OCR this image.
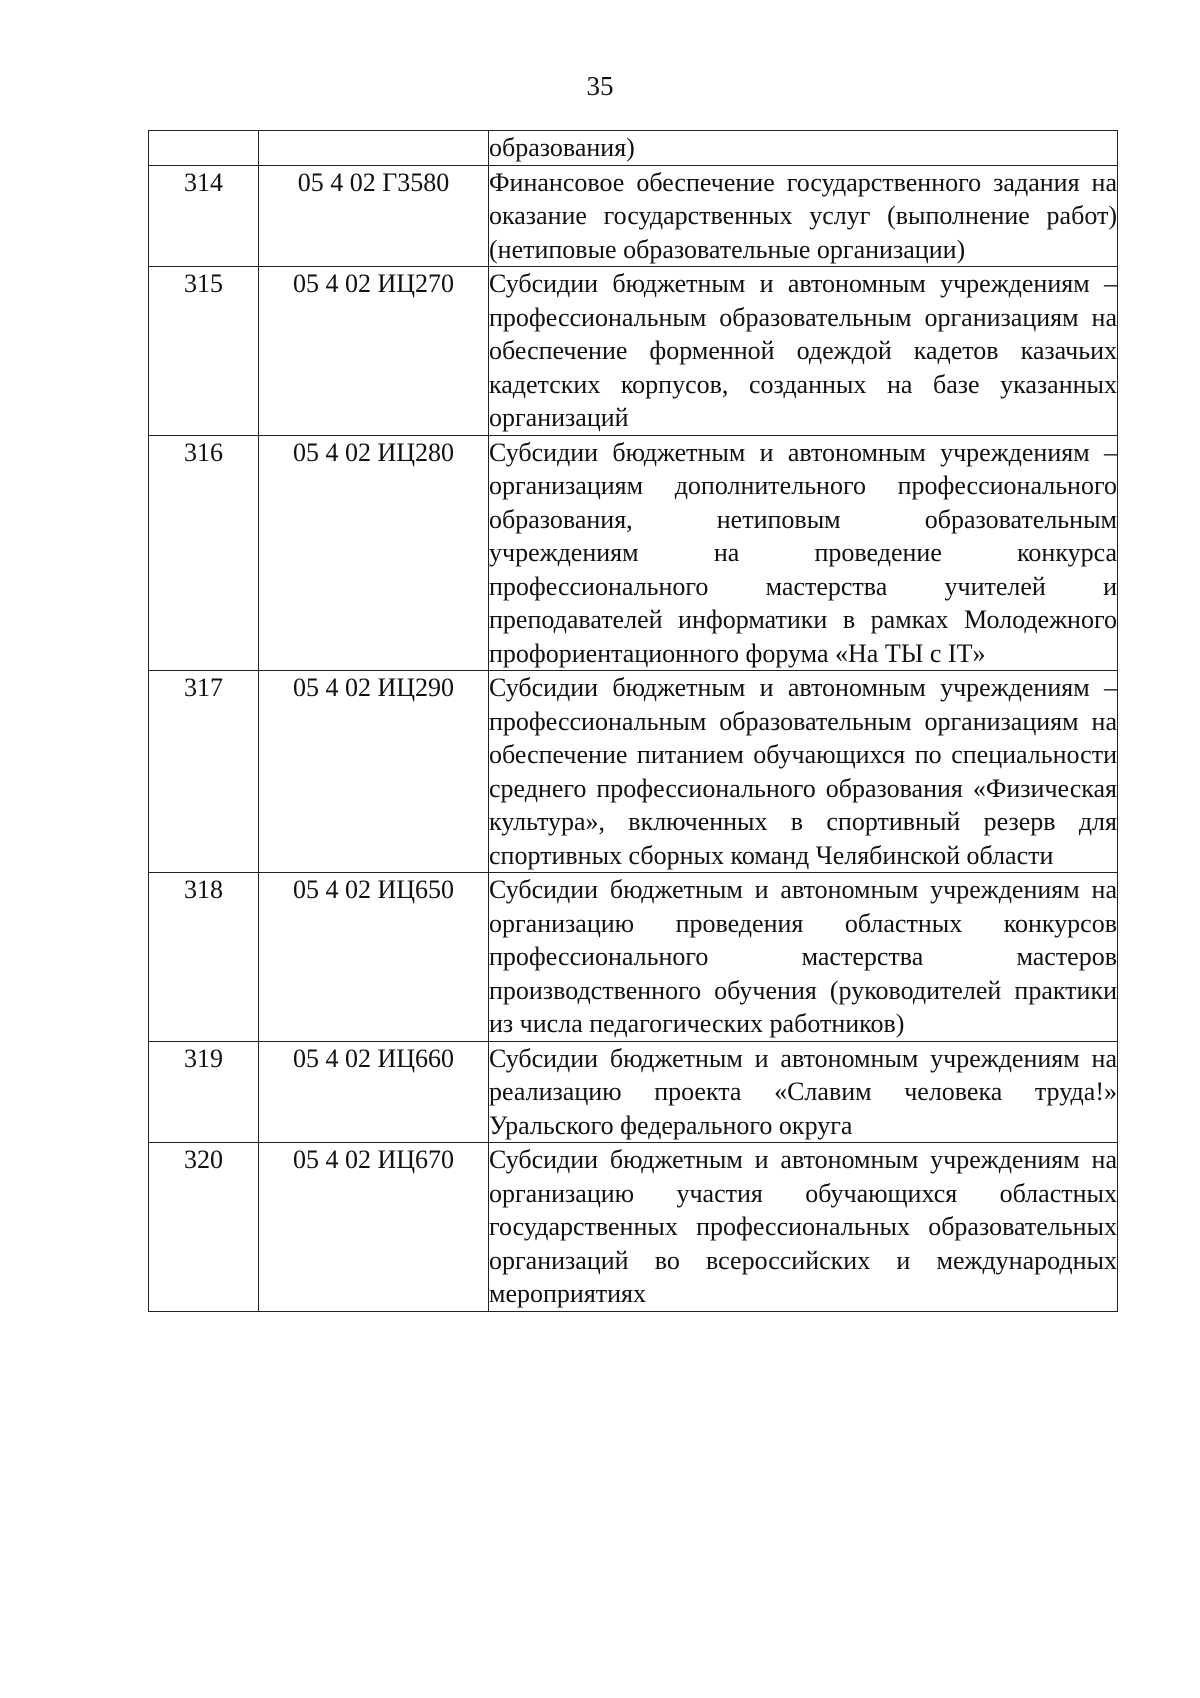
35
		образования)
314	05 4 02 Г3580	Финансовое обеспечение государственного задания на оказание государственных услуг (выполнение работ) (нетиповые образовательные организации)
315	05 4 02 ИЦ270	Субсидии бюджетным и автономным учреждениям – профессиональным образовательным организациям на обеспечение форменной одеждой кадетов казачьих кадетских корпусов, созданных на базе указанных организаций
316	05 4 02 ИЦ280	Субсидии бюджетным и автономным учреждениям – организациям дополнительного профессионального образования, нетиповым образовательным учреждениям на проведение конкурса профессионального мастерства учителей и преподавателей информатики в рамках Молодежного профориентационного форума «На ТЫ с IT»
317	05 4 02 ИЦ290	Субсидии бюджетным и автономным учреждениям – профессиональным образовательным организациям на обеспечение питанием обучающихся по специальности среднего профессионального образования «Физическая культура», включенных в спортивный резерв для спортивных сборных команд Челябинской области
318	05 4 02 ИЦ650	Субсидии бюджетным и автономным учреждениям на организацию проведения областных конкурсов профессионального мастерства мастеров производственного обучения (руководителей практики из числа педагогических работников)
319	05 4 02 ИЦ660	Субсидии бюджетным и автономным учреждениям на реализацию проекта «Славим человека труда!» Уральского федерального округа
320	05 4 02 ИЦ670	Субсидии бюджетным и автономным учреждениям на организацию участия обучающихся областных государственных профессиональных образовательных организаций во всероссийских и международных мероприятиях
